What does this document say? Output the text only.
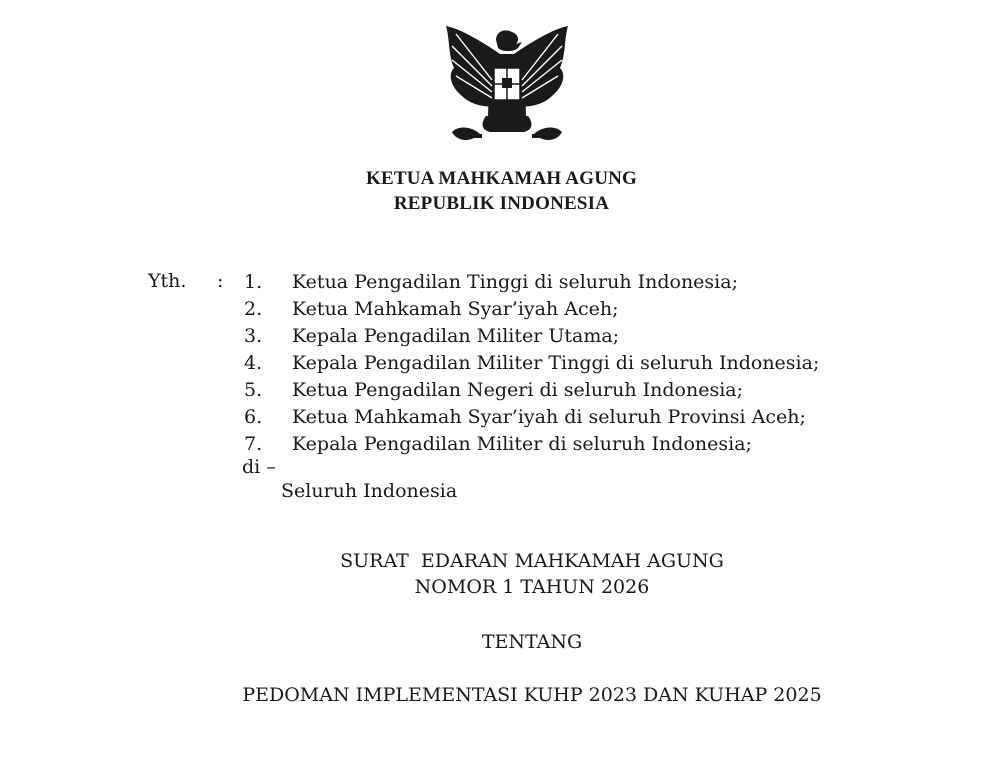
KETUA MAHKAMAH AGUNG
REPUBLIK INDONESIA
Yth. : 1. Ketua Pengadilan Tinggi di seluruh Indonesia;
2. Ketua Mahkamah Syar’iyah Aceh;
3. Kepala Pengadilan Militer Utama;
4. Kepala Pengadilan Militer Tinggi di seluruh Indonesia;
5. Ketua Pengadilan Negeri di seluruh Indonesia;
6. Ketua Mahkamah Syar’iyah di seluruh Provinsi Aceh;
7. Kepala Pengadilan Militer di seluruh Indonesia;
di –
Seluruh Indonesia
SURAT  EDARAN MAHKAMAH AGUNG
NOMOR 1 TAHUN 2026
TENTANG
PEDOMAN IMPLEMENTASI KUHP 2023 DAN KUHAP 2025
